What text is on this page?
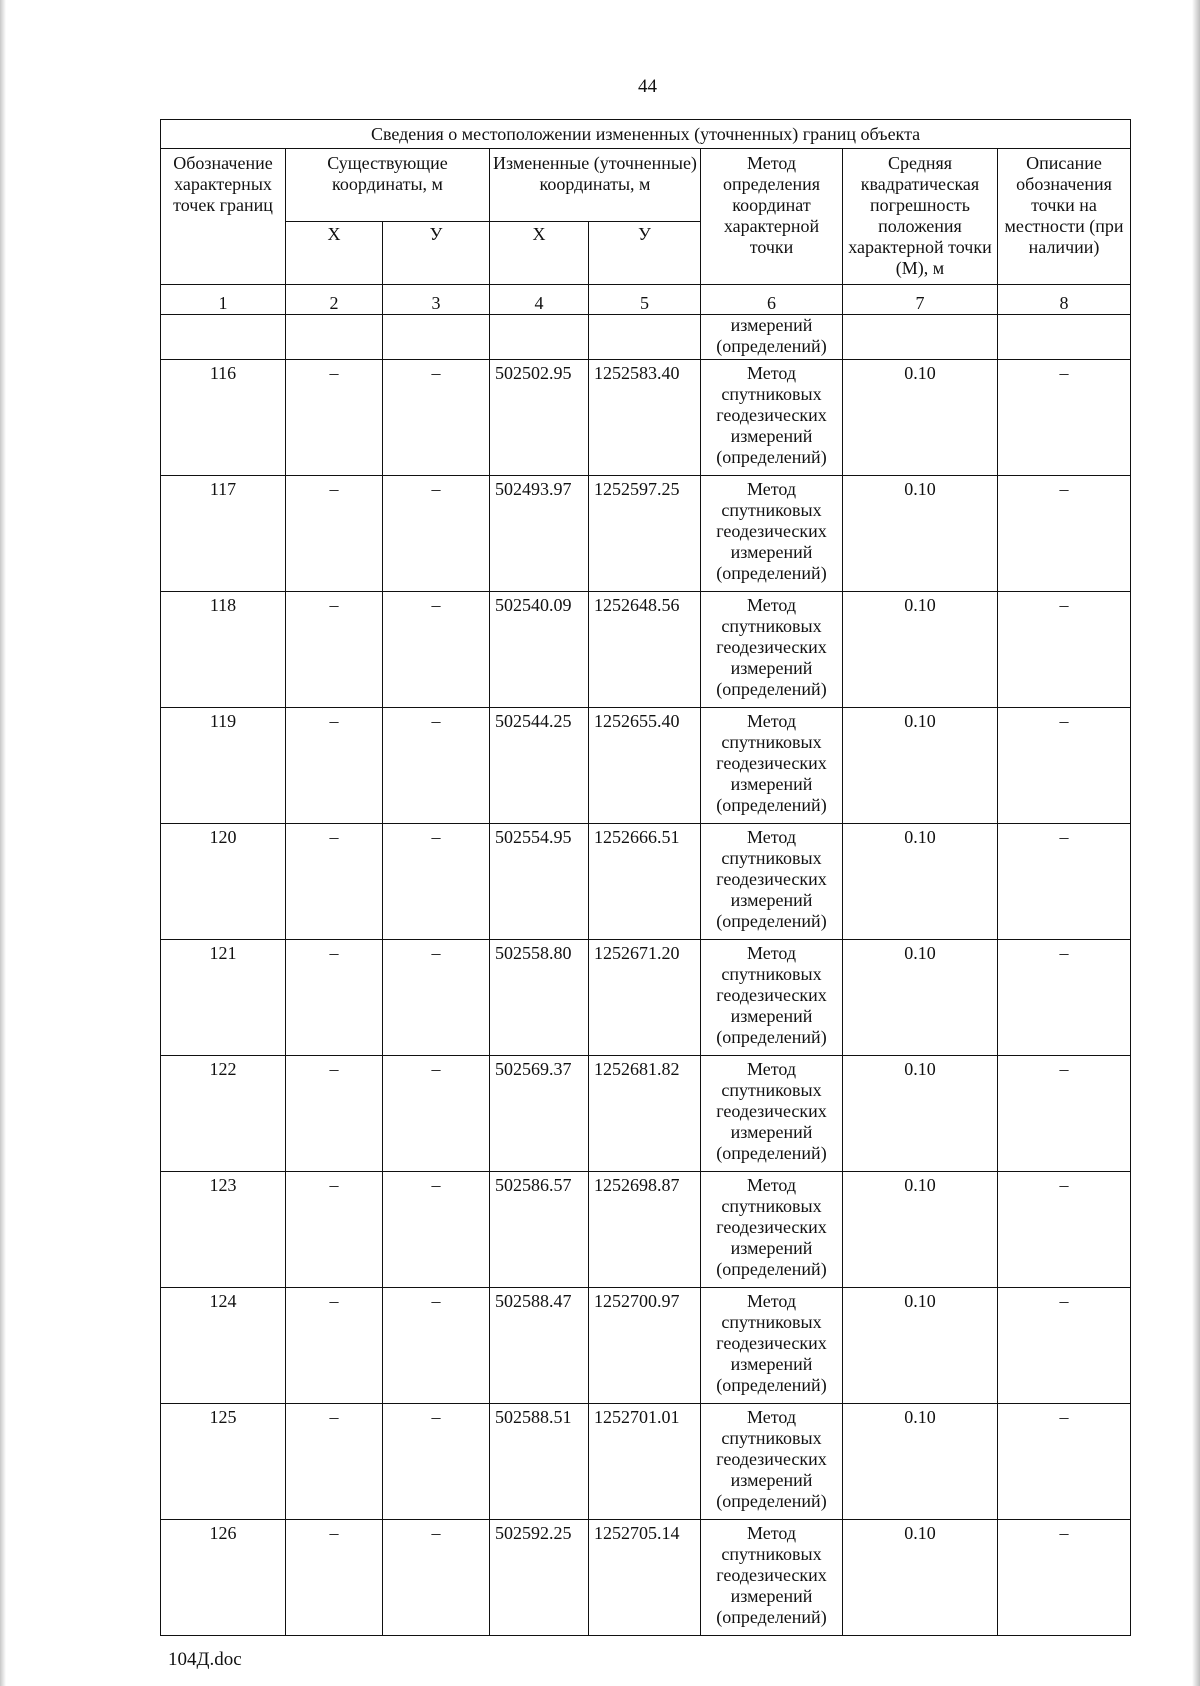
44
Сведения о местоположении измененных (уточненных) границ объекта							
Обозначение характерных точек границ	Существующие координаты, м		Измененные (уточненные) координаты, м		Метод определения координат характерной точки	Средняя квадратическая погрешность положения характерной точки (М), м	Описание обозначения точки на местности (при наличии)
	Х	У	Х	У			
1	2	3	4	5	6	7	8
					измерений (определений)		
116	–	–	502502.95	1252583.40	Метод спутниковых геодезических измерений (определений)	0.10	–
117	–	–	502493.97	1252597.25	Метод спутниковых геодезических измерений (определений)	0.10	–
118	–	–	502540.09	1252648.56	Метод спутниковых геодезических измерений (определений)	0.10	–
119	–	–	502544.25	1252655.40	Метод спутниковых геодезических измерений (определений)	0.10	–
120	–	–	502554.95	1252666.51	Метод спутниковых геодезических измерений (определений)	0.10	–
121	–	–	502558.80	1252671.20	Метод спутниковых геодезических измерений (определений)	0.10	–
122	–	–	502569.37	1252681.82	Метод спутниковых геодезических измерений (определений)	0.10	–
123	–	–	502586.57	1252698.87	Метод спутниковых геодезических измерений (определений)	0.10	–
124	–	–	502588.47	1252700.97	Метод спутниковых геодезических измерений (определений)	0.10	–
125	–	–	502588.51	1252701.01	Метод спутниковых геодезических измерений (определений)	0.10	–
126	–	–	502592.25	1252705.14	Метод спутниковых геодезических измерений (определений)	0.10	–
104Д.doc
